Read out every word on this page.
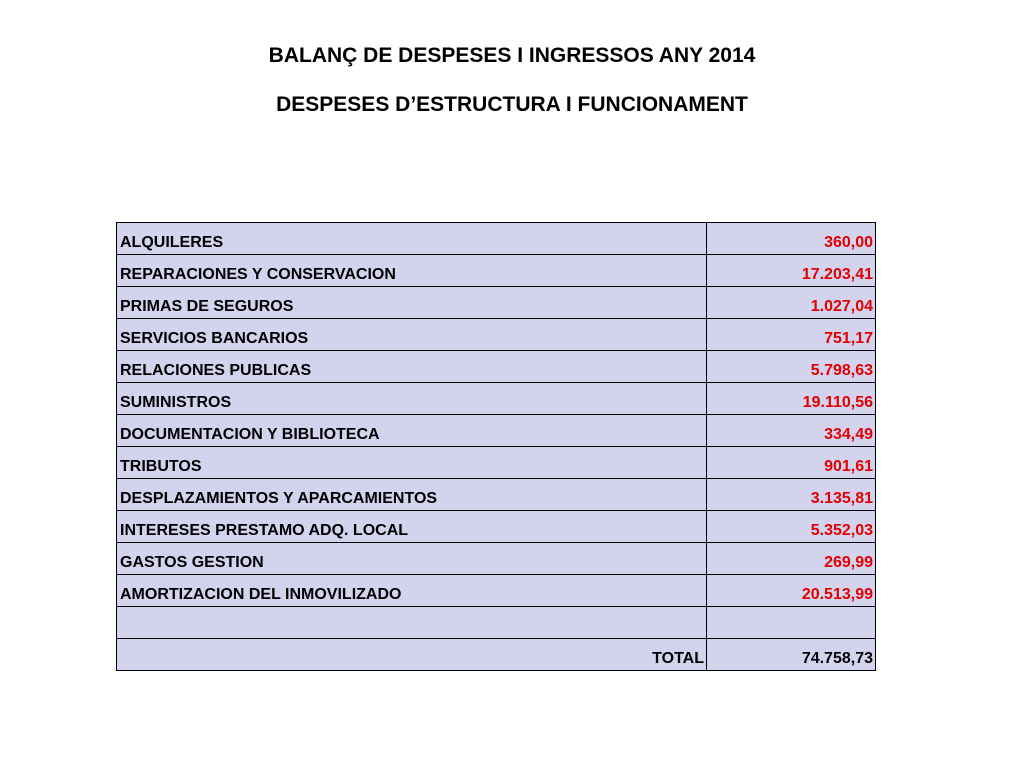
BALANÇ DE DESPESES I INGRESSOS ANY 2014
DESPESES D’ESTRUCTURA I FUNCIONAMENT
ALQUILERES	360,00
REPARACIONES Y CONSERVACION	17.203,41
PRIMAS DE SEGUROS	1.027,04
SERVICIOS BANCARIOS	751,17
RELACIONES PUBLICAS	5.798,63
SUMINISTROS	19.110,56
DOCUMENTACION Y BIBLIOTECA	334,49
TRIBUTOS	901,61
DESPLAZAMIENTOS Y APARCAMIENTOS	3.135,81
INTERESES PRESTAMO ADQ. LOCAL	5.352,03
GASTOS GESTION	269,99
AMORTIZACION DEL INMOVILIZADO	20.513,99

TOTAL	74.758,73
